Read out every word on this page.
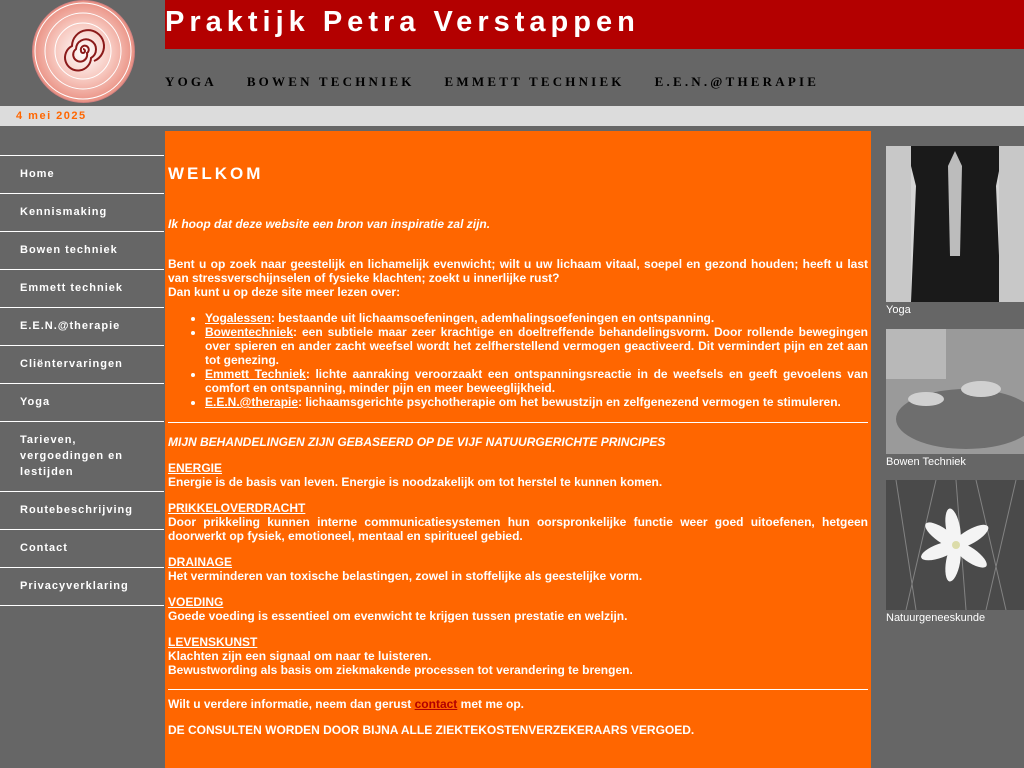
Praktijk Petra Verstappen
YOGA BOWEN TECHNIEK EMMETT TECHNIEK E.E.N.@THERAPIE
4 mei 2025
Home
Kennismaking
Bowen techniek
Emmett techniek
E.E.N.@therapie
Cliëntervaringen
Yoga
Tarieven, vergoedingen en lestijden
Routebeschrijving
Contact
Privacyverklaring
WELKOM
Ik hoop dat deze website een bron van inspiratie zal zijn.
Bent u op zoek naar geestelijk en lichamelijk evenwicht; wilt u uw lichaam vitaal, soepel en gezond houden; heeft u last van stressverschijnselen of fysieke klachten; zoekt u innerlijke rust?
Dan kunt u op deze site meer lezen over:
• Yogalessen: bestaande uit lichaamsoefeningen, ademhalingsoefeningen en ontspanning.
• Bowentechniek: een subtiele maar zeer krachtige en doeltreffende behandelingsvorm. Door rollende bewegingen over spieren en ander zacht weefsel wordt het zelfherstellend vermogen geactiveerd. Dit vermindert pijn en zet aan tot genezing.
• Emmett Techniek: lichte aanraking veroorzaakt een ontspanningsreactie in de weefsels en geeft gevoelens van comfort en ontspanning, minder pijn en meer beweeglijkheid.
• E.E.N.@therapie: lichaamsgerichte psychotherapie om het bewustzijn en zelfgenezend vermogen te stimuleren.
MIJN BEHANDELINGEN ZIJN GEBASEERD OP DE VIJF NATUURGERICHTE PRINCIPES
ENERGIE
Energie is de basis van leven. Energie is noodzakelijk om tot herstel te kunnen komen.
PRIKKELOVERDRACHT
Door prikkeling kunnen interne communicatiesystemen hun oorspronkelijke functie weer goed uitoefenen, hetgeen doorwerkt op fysiek, emotioneel, mentaal en spiritueel gebied.
DRAINAGE
Het verminderen van toxische belastingen, zowel in stoffelijke als geestelijke vorm.
VOEDING
Goede voeding is essentieel om evenwicht te krijgen tussen prestatie en welzijn.
LEVENSKUNST
Klachten zijn een signaal om naar te luisteren.
Bewustwording als basis om ziekmakende processen tot verandering te brengen.
Wilt u verdere informatie, neem dan gerust contact met me op.
DE CONSULTEN WORDEN DOOR BIJNA ALLE ZIEKTEKOSTENVERZEKERAARS VERGOED.
Yoga
Bowen Techniek
Natuurgeneeskunde
